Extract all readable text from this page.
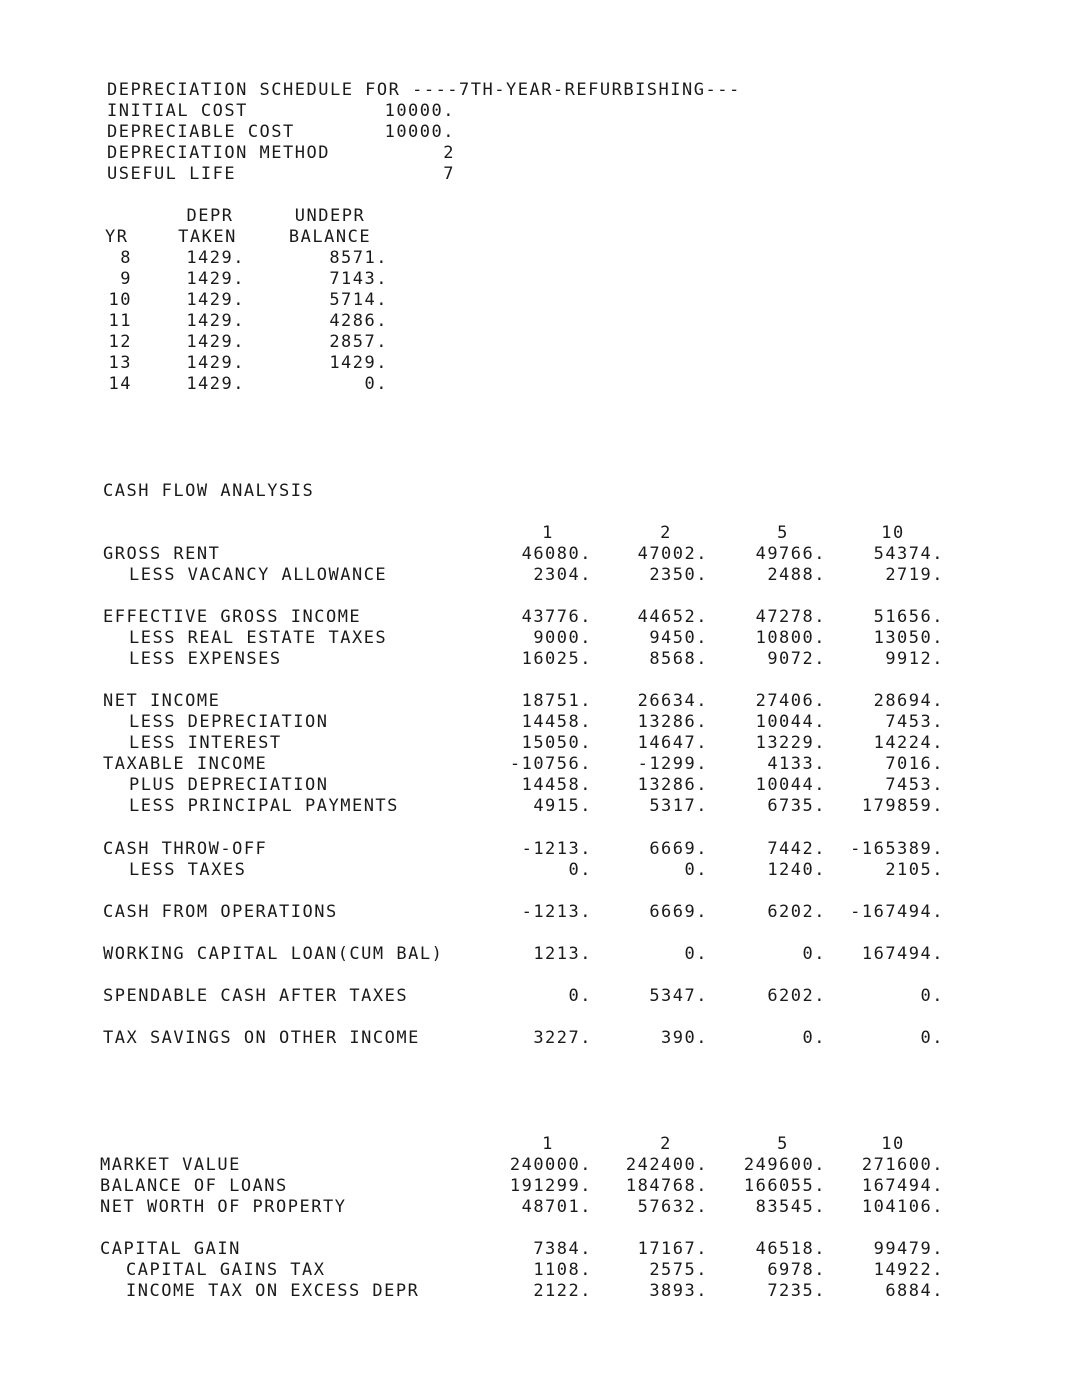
DEPRECIATION SCHEDULE FOR ----7TH-YEAR-REFURBISHING---
INITIAL COST	10000.
DEPRECIABLE COST	10000.
DEPRECIATION METHOD	2
USEFUL LIFE	7
DEPR	UNDEPR
YR	TAKEN	BALANCE
8	1429.	8571.
9	1429.	7143.
10	1429.	5714.
11	1429.	4286.
12	1429.	2857.
13	1429.	1429.
14	1429.	0.
CASH FLOW ANALYSIS
1	2	5	10
GROSS RENT	46080.	47002.	49766.	54374.
LESS VACANCY ALLOWANCE	2304.	2350.	2488.	2719.
EFFECTIVE GROSS INCOME	43776.	44652.	47278.	51656.
LESS REAL ESTATE TAXES	9000.	9450.	10800.	13050.
LESS EXPENSES	16025.	8568.	9072.	9912.
NET INCOME	18751.	26634.	27406.	28694.
LESS DEPRECIATION	14458.	13286.	10044.	7453.
LESS INTEREST	15050.	14647.	13229.	14224.
TAXABLE INCOME	-10756.	-1299.	4133.	7016.
PLUS DEPRECIATION	14458.	13286.	10044.	7453.
LESS PRINCIPAL PAYMENTS	4915.	5317.	6735.	179859.
CASH THROW-OFF	-1213.	6669.	7442.	-165389.
LESS TAXES	0.	0.	1240.	2105.
CASH FROM OPERATIONS	-1213.	6669.	6202.	-167494.
WORKING CAPITAL LOAN(CUM BAL)	1213.	0.	0.	167494.
SPENDABLE CASH AFTER TAXES	0.	5347.	6202.	0.
TAX SAVINGS ON OTHER INCOME	3227.	390.	0.	0.
1	2	5	10
MARKET VALUE	240000.	242400.	249600.	271600.
BALANCE OF LOANS	191299.	184768.	166055.	167494.
NET WORTH OF PROPERTY	48701.	57632.	83545.	104106.
CAPITAL GAIN	7384.	17167.	46518.	99479.
CAPITAL GAINS TAX	1108.	2575.	6978.	14922.
INCOME TAX ON EXCESS DEPR	2122.	3893.	7235.	6884.
